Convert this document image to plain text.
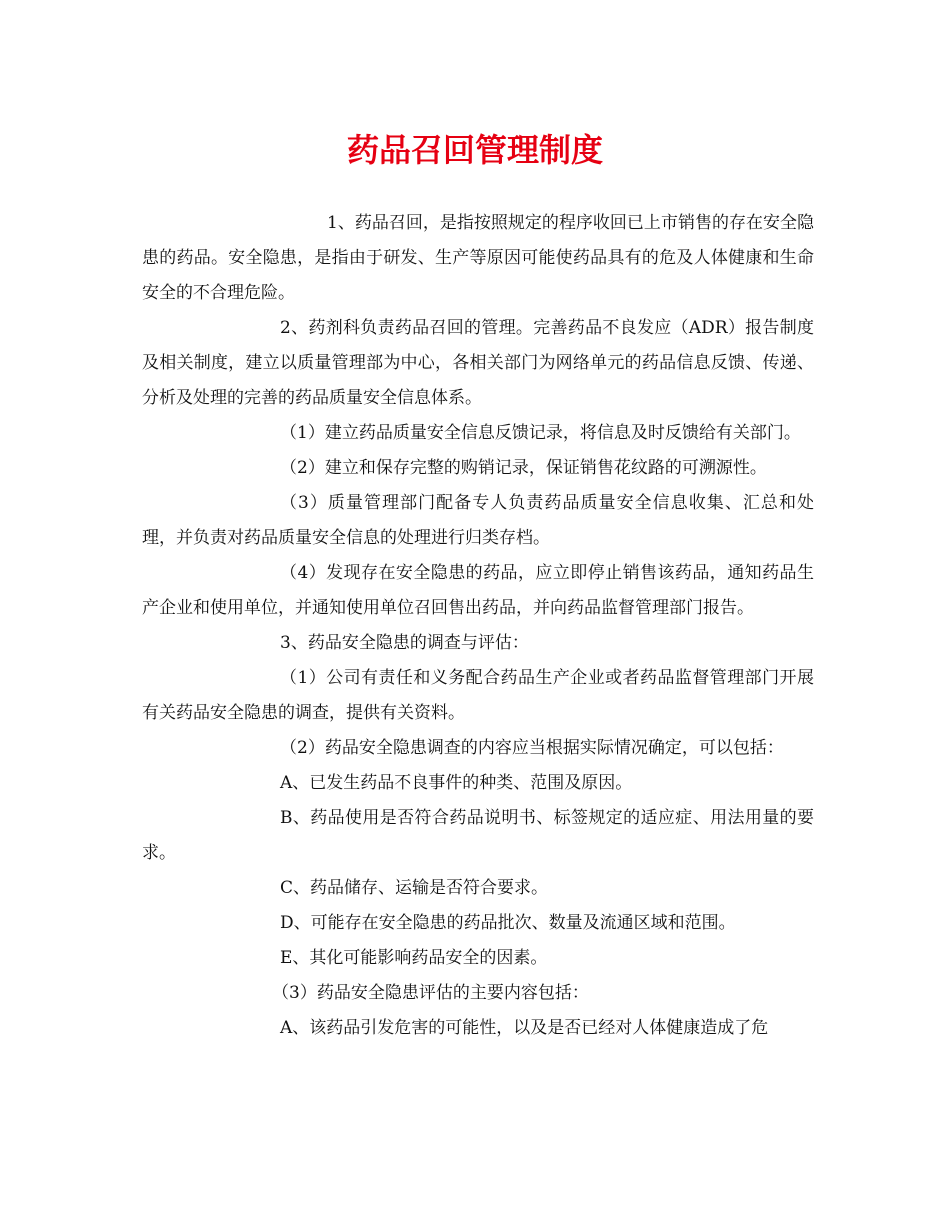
药品召回管理制度

1、药品召回，是指按照规定的程序收回已上市销售的存在安全隐患的药品。安全隐患，是指由于研发、生产等原因可能使药品具有的危及人体健康和生命安全的不合理危险。

2、药剂科负责药品召回的管理。完善药品不良发应（ADR）报告制度及相关制度，建立以质量管理部为中心，各相关部门为网络单元的药品信息反馈、传递、分析及处理的完善的药品质量安全信息体系。

（1）建立药品质量安全信息反馈记录，将信息及时反馈给有关部门。

（2）建立和保存完整的购销记录，保证销售花纹路的可溯源性。

（3）质量管理部门配备专人负责药品质量安全信息收集、汇总和处理，并负责对药品质量安全信息的处理进行归类存档。

（4）发现存在安全隐患的药品，应立即停止销售该药品，通知药品生产企业和使用单位，并通知使用单位召回售出药品，并向药品监督管理部门报告。

3、药品安全隐患的调查与评估：

（1）公司有责任和义务配合药品生产企业或者药品监督管理部门开展有关药品安全隐患的调查，提供有关资料。

（2）药品安全隐患调查的内容应当根据实际情况确定，可以包括：

A、已发生药品不良事件的种类、范围及原因。

B、药品使用是否符合药品说明书、标签规定的适应症、用法用量的要求。

C、药品储存、运输是否符合要求。

D、可能存在安全隐患的药品批次、数量及流通区域和范围。

E、其化可能影响药品安全的因素。

（3）药品安全隐患评估的主要内容包括：

A、该药品引发危害的可能性，以及是否已经对人体健康造成了危
